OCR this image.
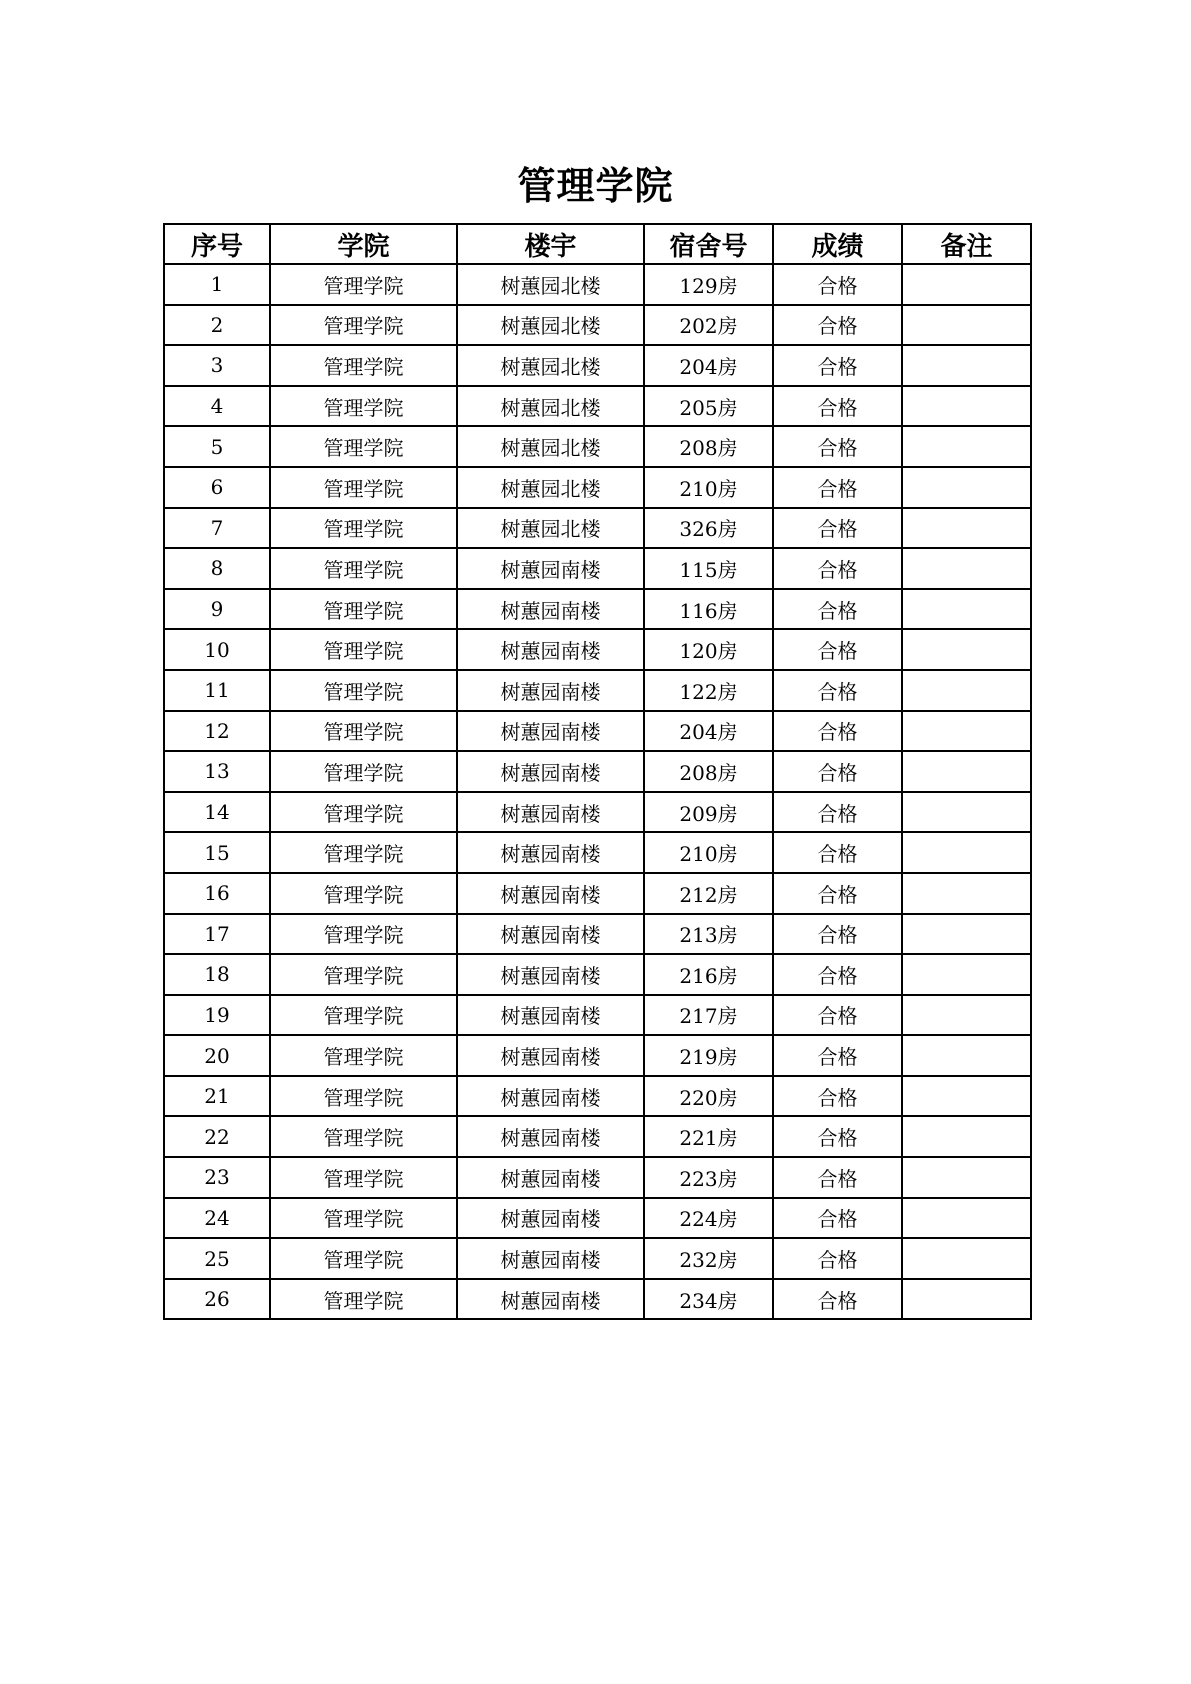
管理学院
序号	学院	楼宇	宿舍号	成绩	备注
1	管理学院	树蕙园北楼	129房	合格	
2	管理学院	树蕙园北楼	202房	合格	
3	管理学院	树蕙园北楼	204房	合格	
4	管理学院	树蕙园北楼	205房	合格	
5	管理学院	树蕙园北楼	208房	合格	
6	管理学院	树蕙园北楼	210房	合格	
7	管理学院	树蕙园北楼	326房	合格	
8	管理学院	树蕙园南楼	115房	合格	
9	管理学院	树蕙园南楼	116房	合格	
10	管理学院	树蕙园南楼	120房	合格	
11	管理学院	树蕙园南楼	122房	合格	
12	管理学院	树蕙园南楼	204房	合格	
13	管理学院	树蕙园南楼	208房	合格	
14	管理学院	树蕙园南楼	209房	合格	
15	管理学院	树蕙园南楼	210房	合格	
16	管理学院	树蕙园南楼	212房	合格	
17	管理学院	树蕙园南楼	213房	合格	
18	管理学院	树蕙园南楼	216房	合格	
19	管理学院	树蕙园南楼	217房	合格	
20	管理学院	树蕙园南楼	219房	合格	
21	管理学院	树蕙园南楼	220房	合格	
22	管理学院	树蕙园南楼	221房	合格	
23	管理学院	树蕙园南楼	223房	合格	
24	管理学院	树蕙园南楼	224房	合格	
25	管理学院	树蕙园南楼	232房	合格	
26	管理学院	树蕙园南楼	234房	合格	
